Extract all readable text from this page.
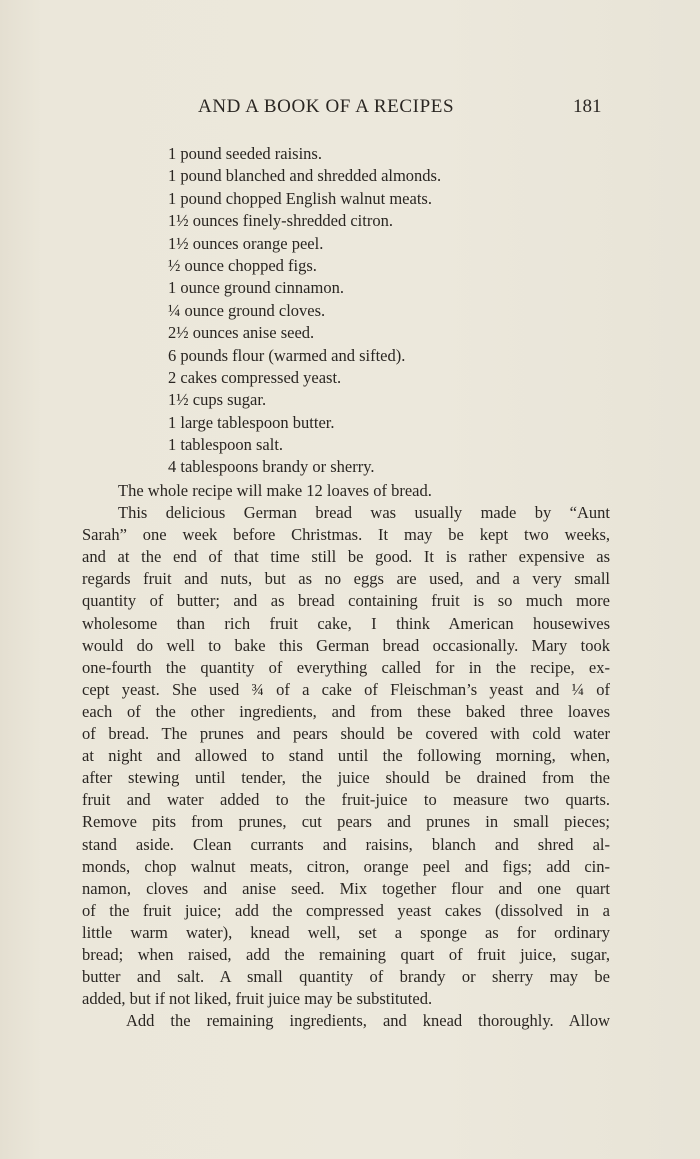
AND A BOOK OF A RECIPES	181
1 pound seeded raisins.
1 pound blanched and shredded almonds.
1 pound chopped English walnut meats.
1½ ounces finely-shredded citron.
1½ ounces orange peel.
½ ounce chopped figs.
1 ounce ground cinnamon.
¼ ounce ground cloves.
2½ ounces anise seed.
6 pounds flour (warmed and sifted).
2 cakes compressed yeast.
1½ cups sugar.
1 large tablespoon butter.
1 tablespoon salt.
4 tablespoons brandy or sherry.
The whole recipe will make 12 loaves of bread.
This delicious German bread was usually made by “Aunt
Sarah” one week before Christmas. It may be kept two weeks,
and at the end of that time still be good. It is rather expensive as
regards fruit and nuts, but as no eggs are used, and a very small
quantity of butter; and as bread containing fruit is so much more
wholesome than rich fruit cake, I think American housewives
would do well to bake this German bread occasionally. Mary took
one-fourth the quantity of everything called for in the recipe, ex-
cept yeast. She used ¾ of a cake of Fleischman’s yeast and ¼ of
each of the other ingredients, and from these baked three loaves
of bread. The prunes and pears should be covered with cold water
at night and allowed to stand until the following morning, when,
after stewing until tender, the juice should be drained from the
fruit and water added to the fruit-juice to measure two quarts.
Remove pits from prunes, cut pears and prunes in small pieces;
stand aside. Clean currants and raisins, blanch and shred al-
monds, chop walnut meats, citron, orange peel and figs; add cin-
namon, cloves and anise seed. Mix together flour and one quart
of the fruit juice; add the compressed yeast cakes (dissolved in a
little warm water), knead well, set a sponge as for ordinary
bread; when raised, add the remaining quart of fruit juice, sugar,
butter and salt. A small quantity of brandy or sherry may be
added, but if not liked, fruit juice may be substituted.
Add the remaining ingredients, and knead thoroughly. Allow
